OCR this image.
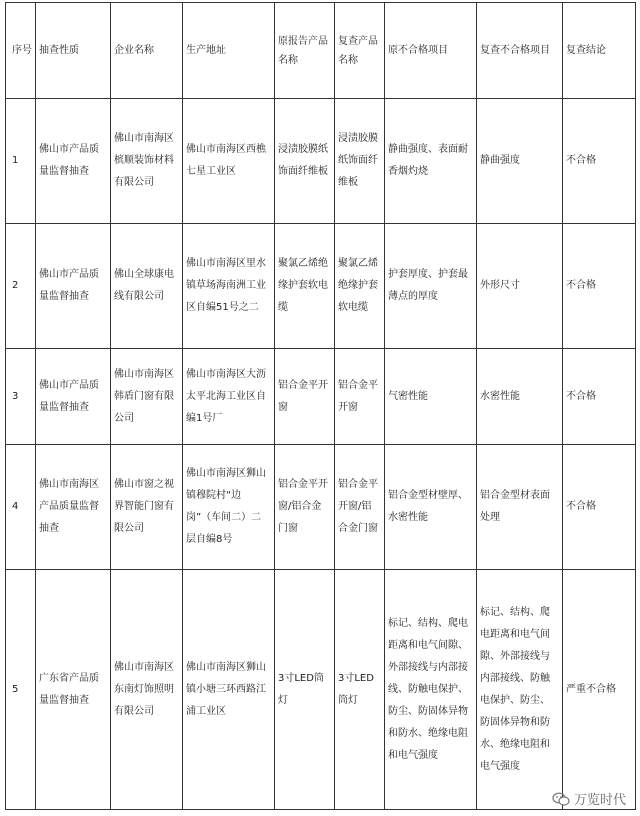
序号	抽查性质	企业名称	生产地址	原报告产品名称	复查产品名称	原不合格项目	复查不合格项目	复查结论
1	佛山市产品质量监督抽查	佛山市南海区槟顺装饰材料有限公司	佛山市南海区西樵七星工业区	浸渍胶膜纸饰面纤维板	浸渍胶膜纸饰面纤维板	静曲强度、表面耐香烟灼烧	静曲强度	不合格
2	佛山市产品质量监督抽查	佛山全球康电线有限公司	佛山市南海区里水镇草场海南洲工业区自编51号之二	聚氯乙烯绝缘护套软电缆	聚氯乙烯绝缘护套软电缆	护套厚度、护套最薄点的厚度	外形尺寸	不合格
3	佛山市产品质量监督抽查	佛山市南海区韩盾门窗有限公司	佛山市南海区大沥太平北海工业区自编1号厂	铝合金平开窗	铝合金平开窗	气密性能	水密性能	不合格
4	佛山市南海区产品质量监督抽查	佛山市窗之视界智能门窗有限公司	佛山市南海区狮山镇穆院村“边岗”（车间二）二层自编8号	铝合金平开窗/铝合金门窗	铝合金平开窗/铝合金门窗	铝合金型材壁厚、水密性能	铝合金型材表面处理	不合格
5	广东省产品质量监督抽查	佛山市南海区东南灯饰照明有限公司	佛山市南海区狮山镇小塘三环西路江浦工业区	3寸LED筒灯	3寸LED筒灯	标记、结构、爬电距离和电气间隙、外部接线与内部接线、防触电保护、防尘、防固体异物和防水、绝缘电阻和电气强度	标记、结构、爬电距离和电气间隙、外部接线与内部接线、防触电保护、防尘、防固体异物和防水、绝缘电阻和电气强度	严重不合格
万览时代
